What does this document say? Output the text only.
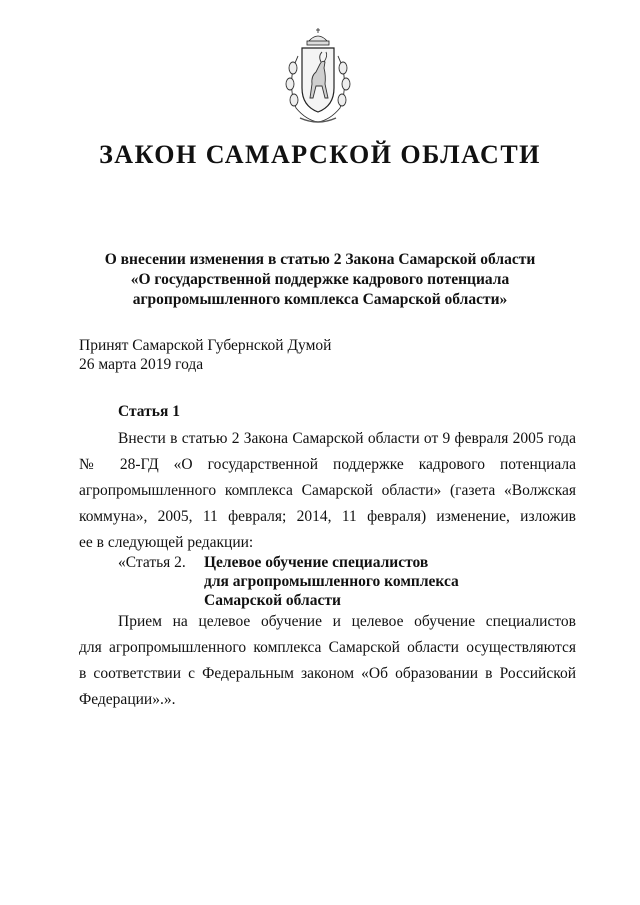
ЗАКОН САМАРСКОЙ ОБЛАСТИ
О внесении изменения в статью 2 Закона Самарской области
«О государственной поддержке кадрового потенциала
агропромышленного комплекса Самарской области»
Принят Самарской Губернской Думой
26 марта 2019 года
Статья 1
Внести в статью 2 Закона Самарской области от 9 февраля 2005 года
№ 28-ГД «О государственной поддержке кадрового потенциала
агропромышленного комплекса Самарской области» (газета «Волжская
коммуна», 2005, 11 февраля; 2014, 11 февраля) изменение, изложив
ее в следующей редакции:
«Статья 2. Целевое обучение специалистов
для агропромышленного комплекса
Самарской области
Прием на целевое обучение и целевое обучение специалистов
для агропромышленного комплекса Самарской области осуществляются
в соответствии с Федеральным законом «Об образовании в Российской
Федерации».».
